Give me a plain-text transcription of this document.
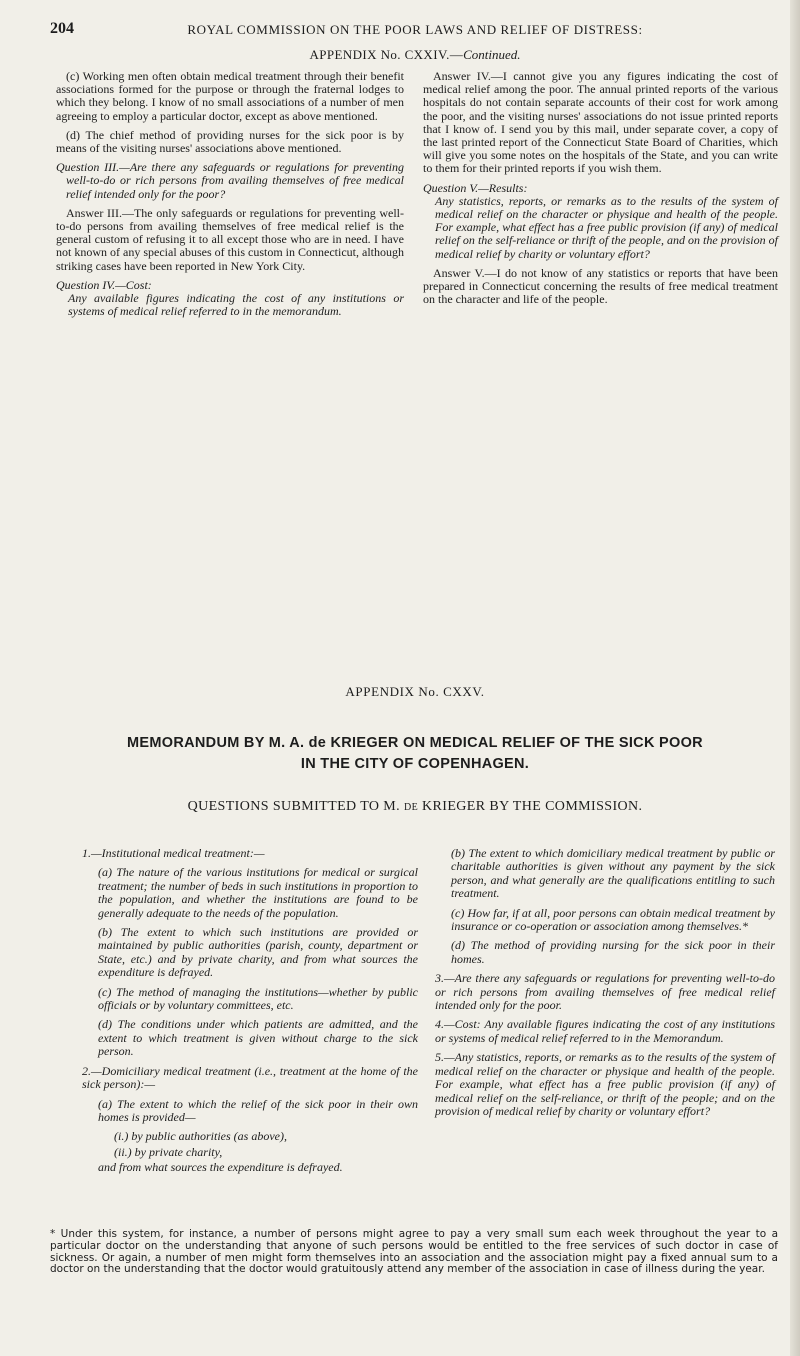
204	ROYAL COMMISSION ON THE POOR LAWS AND RELIEF OF DISTRESS:
APPENDIX No. CXXIV.—Continued.

(c) Working men often obtain medical treatment through their benefit associations formed for the purpose or through the fraternal lodges to which they belong. I know of no small associations of a number of men agreeing to employ a particular doctor, except as above mentioned.

(d) The chief method of providing nurses for the sick poor is by means of the visiting nurses' associations above mentioned.

Question III.—Are there any safeguards or regulations for preventing well-to-do or rich persons from availing themselves of free medical relief intended only for the poor?

Answer III.—The only safeguards or regulations for preventing well-to-do persons from availing themselves of free medical relief is the general custom of refusing it to all except those who are in need. I have not known of any special abuses of this custom in Connecticut, although striking cases have been reported in New York City.

Question IV.—Cost:

Any available figures indicating the cost of any institutions or systems of medical relief referred to in the memorandum.

Answer IV.—I cannot give you any figures indicating the cost of medical relief among the poor. The annual printed reports of the various hospitals do not contain separate accounts of their cost for work among the poor, and the visiting nurses' associations do not issue printed reports that I know of. I send you by this mail, under separate cover, a copy of the last printed report of the Connecticut State Board of Charities, which will give you some notes on the hospitals of the State, and you can write to them for their printed reports if you wish them.

Question V.—Results:

Any statistics, reports, or remarks as to the results of the system of medical relief on the character or physique and health of the people. For example, what effect has a free public provision (if any) of medical relief on the self-reliance or thrift of the people, and on the provision of medical relief by charity or voluntary effort?

Answer V.—I do not know of any statistics or reports that have been prepared in Connecticut concerning the results of free medical treatment on the character and life of the people.

APPENDIX No. CXXV.
MEMORANDUM BY M. A. de KRIEGER ON MEDICAL RELIEF OF THE SICK POOR
IN THE CITY OF COPENHAGEN.
QUESTIONS SUBMITTED TO M. DE KRIEGER BY THE COMMISSION.

1.—Institutional medical treatment:—

(a) The nature of the various institutions for medical or surgical treatment; the number of beds in such institutions in proportion to the population, and whether the institutions are found to be generally adequate to the needs of the population.

(b) The extent to which such institutions are provided or maintained by public authorities (parish, county, department or State, etc.) and by private charity, and from what sources the expenditure is defrayed.

(c) The method of managing the institutions—whether by public officials or by voluntary committees, etc.

(d) The conditions under which patients are admitted, and the extent to which treatment is given without charge to the sick person.

2.—Domiciliary medical treatment (i.e., treatment at the home of the sick person):—

(a) The extent to which the relief of the sick poor in their own homes is provided—

(i.) by public authorities (as above),

(ii.) by private charity,

and from what sources the expenditure is defrayed.

(b) The extent to which domiciliary medical treatment by public or charitable authorities is given without any payment by the sick person, and what generally are the qualifications entitling to such treatment.

(c) How far, if at all, poor persons can obtain medical treatment by insurance or co-operation or association among themselves.*

(d) The method of providing nursing for the sick poor in their homes.

3.—Are there any safeguards or regulations for preventing well-to-do or rich persons from availing themselves of free medical relief intended only for the poor.

4.—Cost: Any available figures indicating the cost of any institutions or systems of medical relief referred to in the Memorandum.

5.—Any statistics, reports, or remarks as to the results of the system of medical relief on the character or physique and health of the people. For example, what effect has a free public provision (if any) of medical relief on the self-reliance, or thrift of the people; and on the provision of medical relief by charity or voluntary effort?

* Under this system, for instance, a number of persons might agree to pay a very small sum each week throughout the year to a particular doctor on the understanding that anyone of such persons would be entitled to the free services of such doctor in case of sickness. Or again, a number of men might form themselves into an association and the association might pay a fixed annual sum to a doctor on the understanding that the doctor would gratuitously attend any member of the association in case of illness during the year.
